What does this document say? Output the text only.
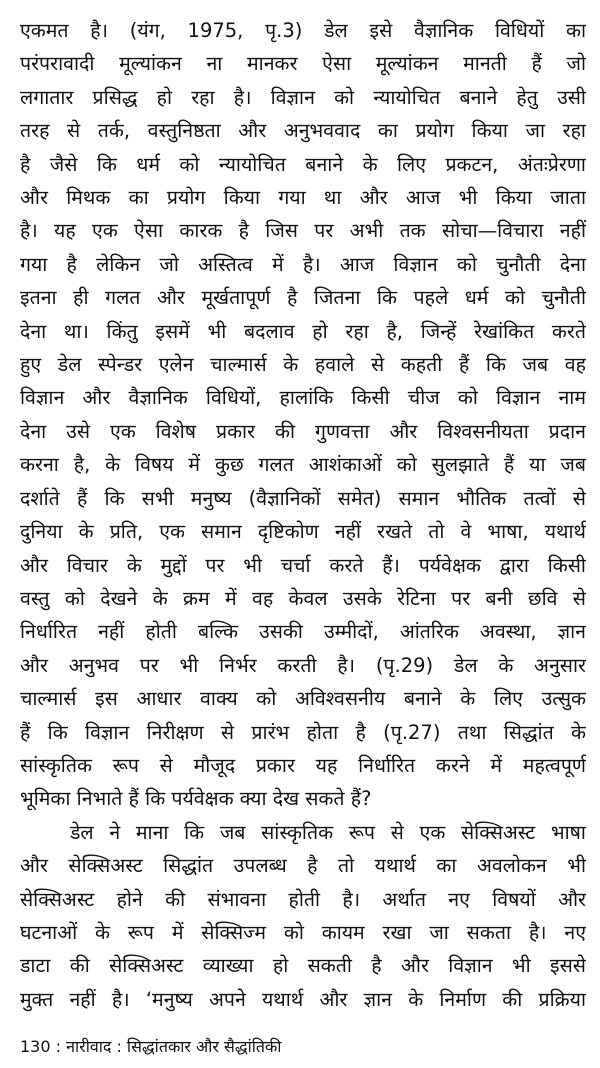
एकमत है। (यंग, 1975, पृ.3) डेल इसे वैज्ञानिक विधियों का
परंपरावादी मूल्यांकन ना मानकर ऐसा मूल्यांकन मानती हैं जो
लगातार प्रसिद्ध हो रहा है। विज्ञान को न्यायोचित बनाने हेतु उसी
तरह से तर्क, वस्तुनिष्ठता और अनुभववाद का प्रयोग किया जा रहा
है जैसे कि धर्म को न्यायोचित बनाने के लिए प्रकटन, अंतःप्रेरणा
और मिथक का प्रयोग किया गया था और आज भी किया जाता
है। यह एक ऐसा कारक है जिस पर अभी तक सोचा—विचारा नहीं
गया है लेकिन जो अस्तित्व में है। आज विज्ञान को चुनौती देना
इतना ही गलत और मूर्खतापूर्ण है जितना कि पहले धर्म को चुनौती
देना था। किंतु इसमें भी बदलाव हो रहा है, जिन्हें रेखांकित करते
हुए डेल स्पेन्डर एलेन चाल्मार्स के हवाले से कहती हैं कि जब वह
विज्ञान और वैज्ञानिक विधियों, हालांकि किसी चीज को विज्ञान नाम
देना उसे एक विशेष प्रकार की गुणवत्ता और विश्वसनीयता प्रदान
करना है, के विषय में कुछ गलत आशंकाओं को सुलझाते हैं या जब
दर्शाते हैं कि सभी मनुष्य (वैज्ञानिकों समेत) समान भौतिक तत्वों से
दुनिया के प्रति, एक समान दृष्टिकोण नहीं रखते तो वे भाषा, यथार्थ
और विचार के मुद्दों पर भी चर्चा करते हैं। पर्यवेक्षक द्वारा किसी
वस्तु को देखने के क्रम में वह केवल उसके रेटिना पर बनी छवि से
निर्धारित नहीं होती बल्कि उसकी उम्मीदों, आंतरिक अवस्था, ज्ञान
और अनुभव पर भी निर्भर करती है। (पृ.29) डेल के अनुसार
चाल्मार्स इस आधार वाक्य को अविश्वसनीय बनाने के लिए उत्सुक
हैं कि विज्ञान निरीक्षण से प्रारंभ होता है (पृ.27) तथा सिद्धांत के
सांस्कृतिक रूप से मौजूद प्रकार यह निर्धारित करने में महत्वपूर्ण
भूमिका निभाते हैं कि पर्यवेक्षक क्या देख सकते हैं?
डेल ने माना कि जब सांस्कृतिक रूप से एक सेक्सिअस्ट भाषा
और सेक्सिअस्ट सिद्धांत उपलब्ध है तो यथार्थ का अवलोकन भी
सेक्सिअस्ट होने की संभावना होती है। अर्थात नए विषयों और
घटनाओं के रूप में सेक्सिज्म को कायम रखा जा सकता है। नए
डाटा की सेक्सिअस्ट व्याख्या हो सकती है और विज्ञान भी इससे
मुक्त नहीं है। ‘मनुष्य अपने यथार्थ और ज्ञान के निर्माण की प्रक्रिया
130 : नारीवाद : सिद्धांतकार और सैद्धांतिकी
